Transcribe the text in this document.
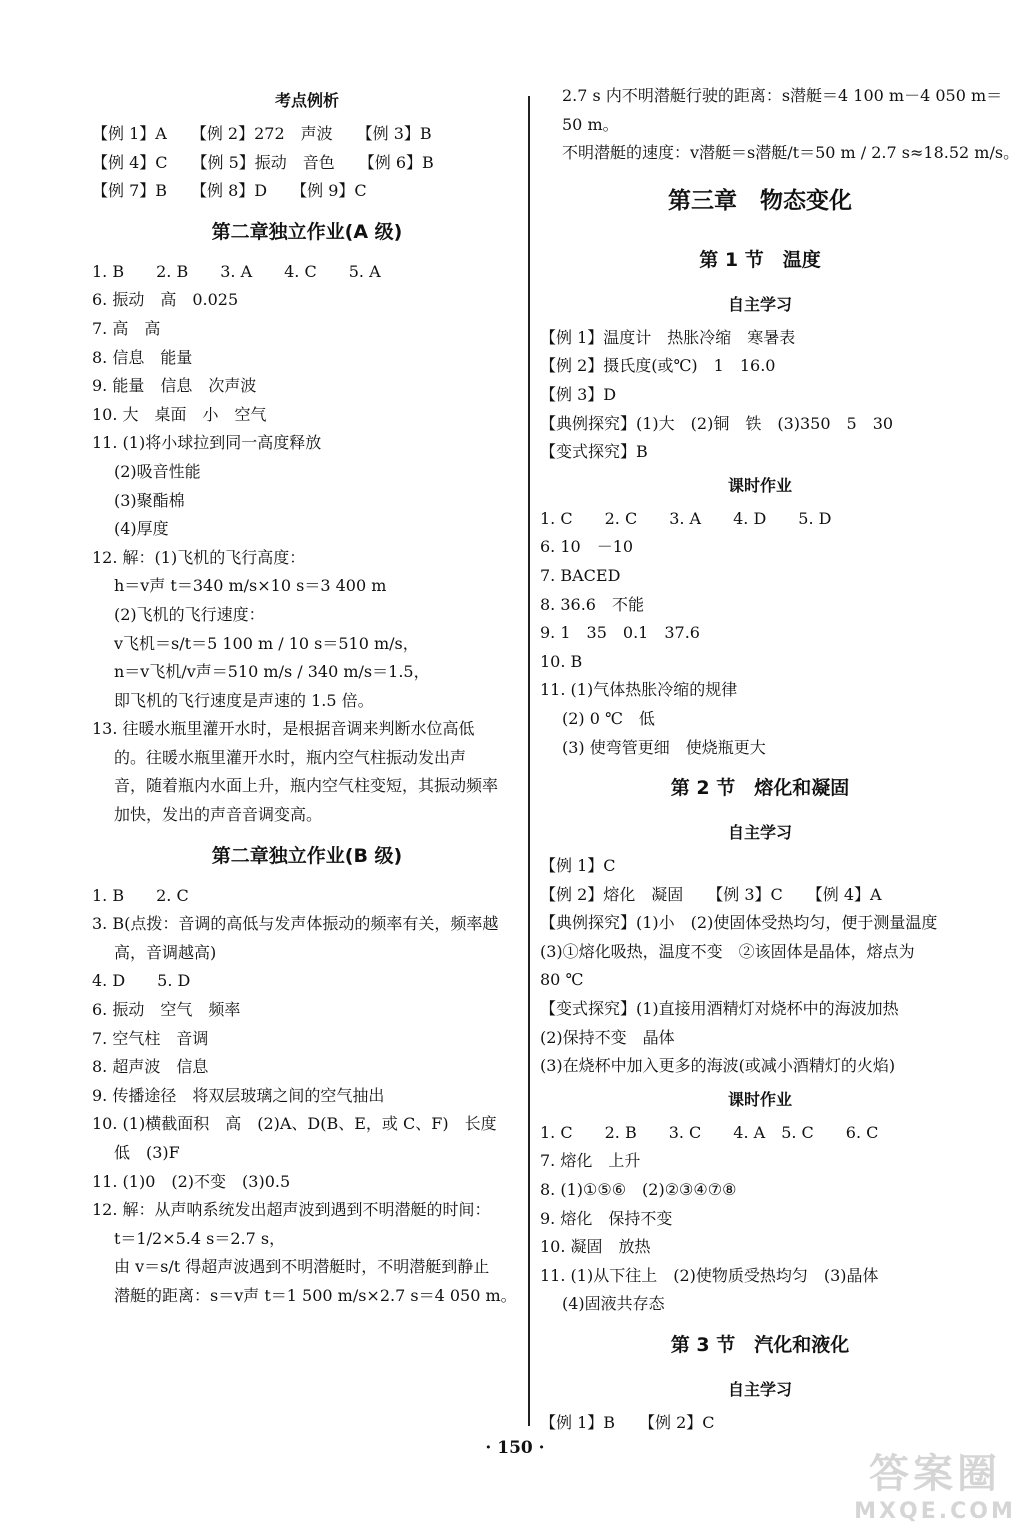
考点例析
【例 1】A　　【例 2】272　声波　　【例 3】B
【例 4】C　　【例 5】振动　音色　　【例 6】B
【例 7】B　　【例 8】D　　【例 9】C
第二章独立作业(A 级)
1. B　　2. B　　3. A　　4. C　　5. A
6. 振动　高　0.025
7. 高　高
8. 信息　能量
9. 能量　信息　次声波
10. 大　桌面　小　空气
11. (1)将小球拉到同一高度释放
(2)吸音性能
(3)聚酯棉
(4)厚度
12. 解：(1)飞机的飞行高度：
h＝v声 t＝340 m/s×10 s＝3 400 m
(2)飞机的飞行速度：
v飞机＝s/t＝5 100 m / 10 s＝510 m/s，
n＝v飞机/v声＝510 m/s / 340 m/s＝1.5，
即飞机的飞行速度是声速的 1.5 倍。
13. 往暖水瓶里灌开水时，是根据音调来判断水位高低
的。往暖水瓶里灌开水时，瓶内空气柱振动发出声
音，随着瓶内水面上升，瓶内空气柱变短，其振动频率
加快，发出的声音音调变高。
第二章独立作业(B 级)
1. B　　2. C
3. B(点拨：音调的高低与发声体振动的频率有关，频率越
高，音调越高)
4. D　　5. D
6. 振动　空气　频率
7. 空气柱　音调
8. 超声波　信息
9. 传播途径　将双层玻璃之间的空气抽出
10. (1)横截面积　高　(2)A、D(B、E，或 C、F)　长度
低　(3)F
11. (1)0　(2)不变　(3)0.5
12. 解：从声呐系统发出超声波到遇到不明潜艇的时间：
t＝1/2×5.4 s＝2.7 s，
由 v＝s/t 得超声波遇到不明潜艇时，不明潜艇到静止
潜艇的距离：s＝v声 t＝1 500 m/s×2.7 s＝4 050 m。
2.7 s 内不明潜艇行驶的距离：s潜艇＝4 100 m－4 050 m＝
50 m。
不明潜艇的速度：v潜艇＝s潜艇/t＝50 m / 2.7 s≈18.52 m/s。
第三章　物态变化
第 1 节　温度
自主学习
【例 1】温度计　热胀冷缩　寒暑表
【例 2】摄氏度(或℃)　1　16.0
【例 3】D
【典例探究】(1)大　(2)铜　铁　(3)350　5　30
【变式探究】B
课时作业
1. C　　2. C　　3. A　　4. D　　5. D
6. 10　－10
7. BACED
8. 36.6　不能
9. 1　35　0.1　37.6
10. B
11. (1)气体热胀冷缩的规律
(2) 0 ℃　低
(3) 使弯管更细　使烧瓶更大
第 2 节　熔化和凝固
自主学习
【例 1】C
【例 2】熔化　凝固　　【例 3】C　　【例 4】A
【典例探究】(1)小　(2)使固体受热均匀，便于测量温度
(3)①熔化吸热，温度不变　②该固体是晶体，熔点为
80 ℃
【变式探究】(1)直接用酒精灯对烧杯中的海波加热
(2)保持不变　晶体
(3)在烧杯中加入更多的海波(或减小酒精灯的火焰)
课时作业
1. C　　2. B　　3. C　　4. A　5. C　　6. C
7. 熔化　上升
8. (1)①⑤⑥　(2)②③④⑦⑧
9. 熔化　保持不变
10. 凝固　放热
11. (1)从下往上　(2)使物质受热均匀　(3)晶体
(4)固液共存态
第 3 节　汽化和液化
自主学习
【例 1】B　　【例 2】C
· 150 ·
答案圈
MXQE.COM
